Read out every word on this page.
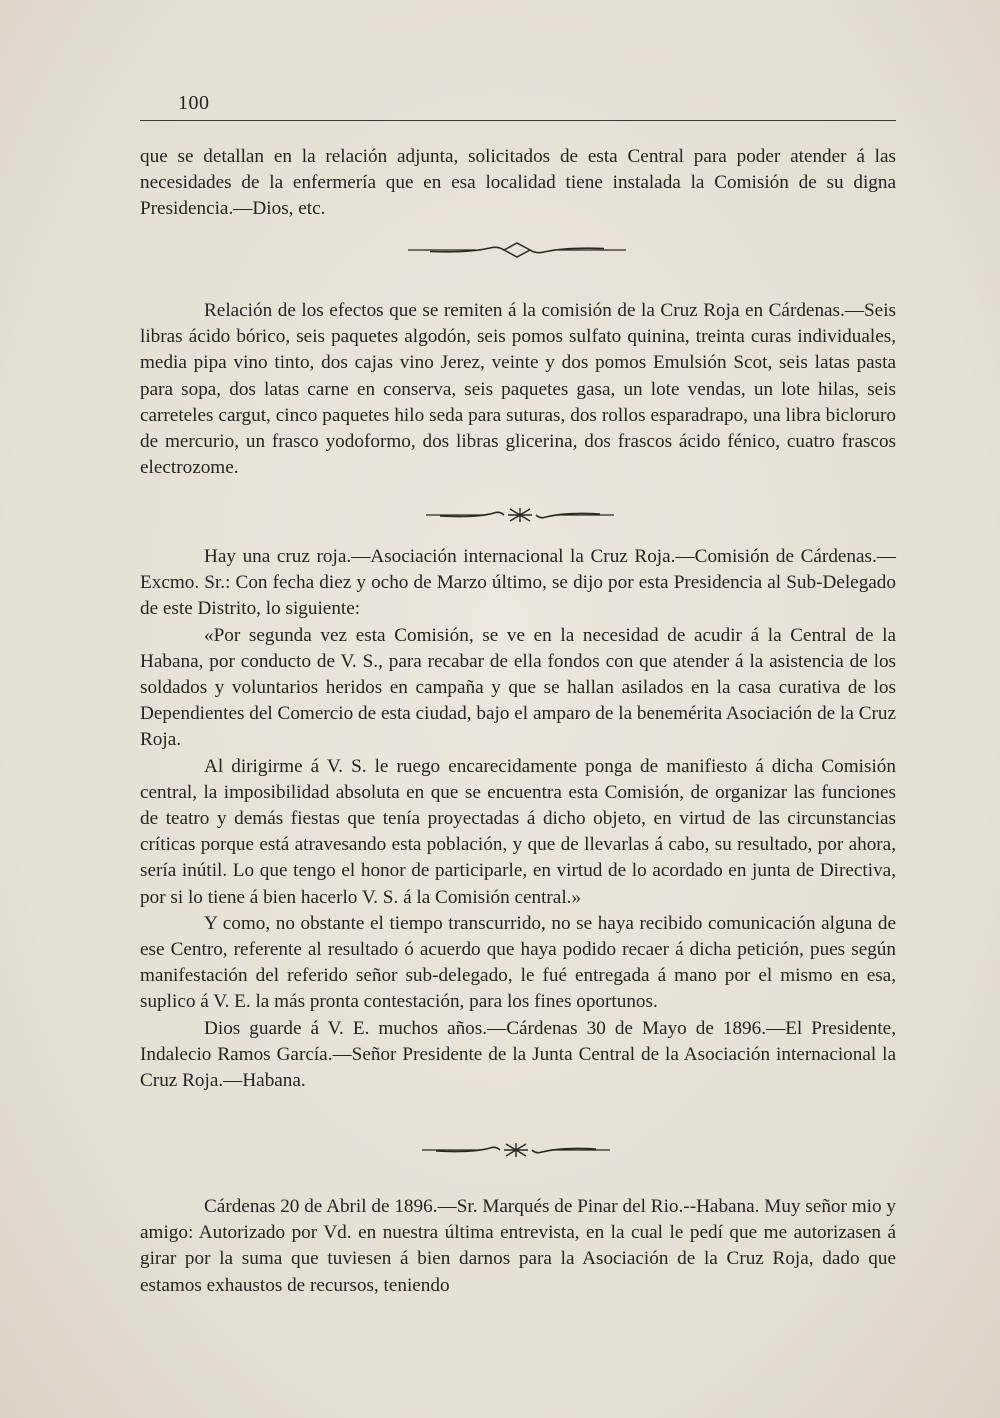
100

que se detallan en la relación adjunta, solicitados de esta Central para poder atender á las necesidades de la enfermería que en esa localidad tiene instalada la Comisión de su digna Presidencia.—Dios, etc.

Relación de los efectos que se remiten á la comisión de la Cruz Roja en Cárdenas.—Seis libras ácido bórico, seis paquetes algodón, seis pomos sulfato quinina, treinta curas individuales, media pipa vino tinto, dos cajas vino Jerez, veinte y dos pomos Emulsión Scot, seis latas pasta para sopa, dos latas carne en conserva, seis paquetes gasa, un lote vendas, un lote hilas, seis carreteles cargut, cinco paquetes hilo seda para suturas, dos rollos esparadrapo, una libra bicloruro de mercurio, un frasco yodoformo, dos libras glicerina, dos frascos ácido fénico, cuatro frascos electrozome.

Hay una cruz roja.—Asociación internacional la Cruz Roja.—Comisión de Cárdenas.—Excmo. Sr.: Con fecha diez y ocho de Marzo último, se dijo por esta Presidencia al Sub-Delegado de este Distrito, lo siguiente:

«Por segunda vez esta Comisión, se ve en la necesidad de acudir á la Central de la Habana, por conducto de V. S., para recabar de ella fondos con que atender á la asistencia de los soldados y voluntarios heridos en campaña y que se hallan asilados en la casa curativa de los Dependientes del Comercio de esta ciudad, bajo el amparo de la benemérita Asociación de la Cruz Roja.

Al dirigirme á V. S. le ruego encarecidamente ponga de manifiesto á dicha Comisión central, la imposibilidad absoluta en que se encuentra esta Comisión, de organizar las funciones de teatro y demás fiestas que tenía proyectadas á dicho objeto, en virtud de las circunstancias críticas porque está atravesando esta población, y que de llevarlas á cabo, su resultado, por ahora, sería inútil. Lo que tengo el honor de participarle, en virtud de lo acordado en junta de Directiva, por si lo tiene á bien hacerlo V. S. á la Comisión central.»

Y como, no obstante el tiempo transcurrido, no se haya recibido comunicación alguna de ese Centro, referente al resultado ó acuerdo que haya podido recaer á dicha petición, pues según manifestación del referido señor sub-delegado, le fué entregada á mano por el mismo en esa, suplico á V. E. la más pronta contestación, para los fines oportunos.

Dios guarde á V. E. muchos años.—Cárdenas 30 de Mayo de 1896.—El Presidente, Indalecio Ramos García.—Señor Presidente de la Junta Central de la Asociación internacional la Cruz Roja.—Habana.

Cárdenas 20 de Abril de 1896.—Sr. Marqués de Pinar del Rio.--Habana. Muy señor mio y amigo: Autorizado por Vd. en nuestra última entrevista, en la cual le pedí que me autorizasen á girar por la suma que tuviesen á bien darnos para la Asociación de la Cruz Roja, dado que estamos exhaustos de recursos, teniendo
